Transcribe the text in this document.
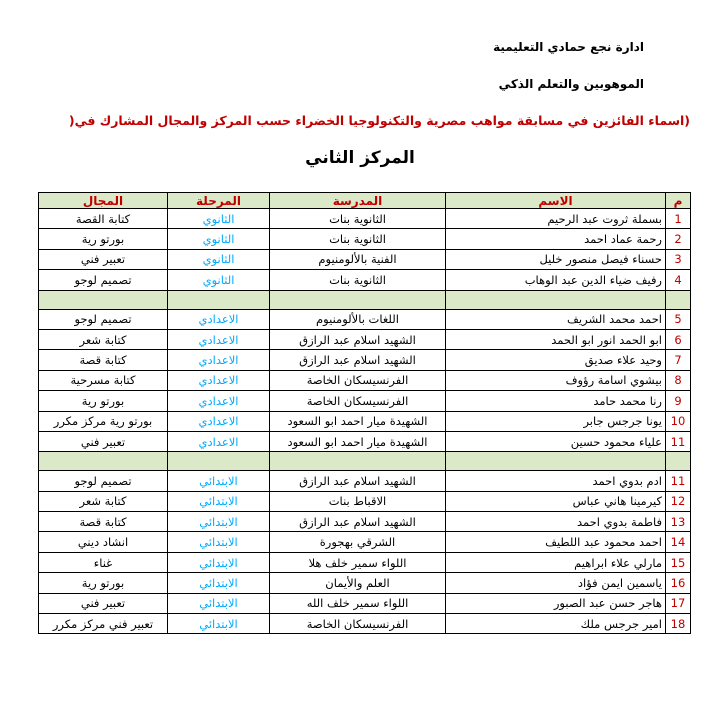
ادارة نجع حمادي التعليمية
الموهوبين والتعلم الذكي
(اسماء الفائزين في مسابقة مواهب مصرية والتكنولوجيا الخضراء حسب المركز والمجال المشارك في(
المركز الثاني
م	الاسم	المدرسة	المرحلة	المجال
1	بسملة ثروت عبد الرحيم	الثانوية بنات	الثانوي	كتابة القصة
2	رحمة عماد احمد	الثانوية بنات	الثانوي	بورتو رية
3	حسناء فيصل منصور خليل	الفنية بالألومنيوم	الثانوي	تعبير فني
4	رفيف ضياء الدين عبد الوهاب	الثانوية بنات	الثانوي	تصميم لوجو

5	احمد محمد الشريف	اللغات بالألومنيوم	الاعدادي	تصميم لوجو
6	ابو الحمد انور ابو الحمد	الشهيد اسلام عبد الرازق	الاعدادي	كتابة شعر
7	وحيد علاء صديق	الشهيد اسلام عبد الرازق	الاعدادي	كتابة قصة
8	بيشوي اسامة رؤوف	الفرنسيسكان الخاصة	الاعدادي	كتابة مسرحية
9	رنا محمد حامد	الفرنسيسكان الخاصة	الاعدادي	بورتو رية
10	يونا جرجس جابر	الشهيدة ميار احمد ابو السعود	الاعدادي	بورتو رية مركز مكرر
11	علياء محمود حسين	الشهيدة ميار احمد ابو السعود	الاعدادي	تعبير فني

11	ادم بدوي احمد	الشهيد اسلام عبد الرازق	الابتدائي	تصميم لوجو
12	كيرمينا هاني عباس	الاقباط بنات	الابتدائي	كتابة شعر
13	فاطمة بدوي احمد	الشهيد اسلام عبد الرازق	الابتدائي	كتابة قصة
14	احمد محمود عبد اللطيف	الشرقي بهجورة	الابتدائي	انشاد ديني
15	مارلي علاء ابراهيم	اللواء سمير خلف هلا	الابتدائي	غناء
16	ياسمين ايمن فؤاد	العلم والأيمان	الابتدائي	بورتو رية
17	هاجر حسن عبد الصبور	اللواء سمير خلف الله	الابتدائي	تعبير فني
18	امير جرجس ملك	الفرنسيسكان الخاصة	الابتدائي	تعبير فني مركز مكرر
